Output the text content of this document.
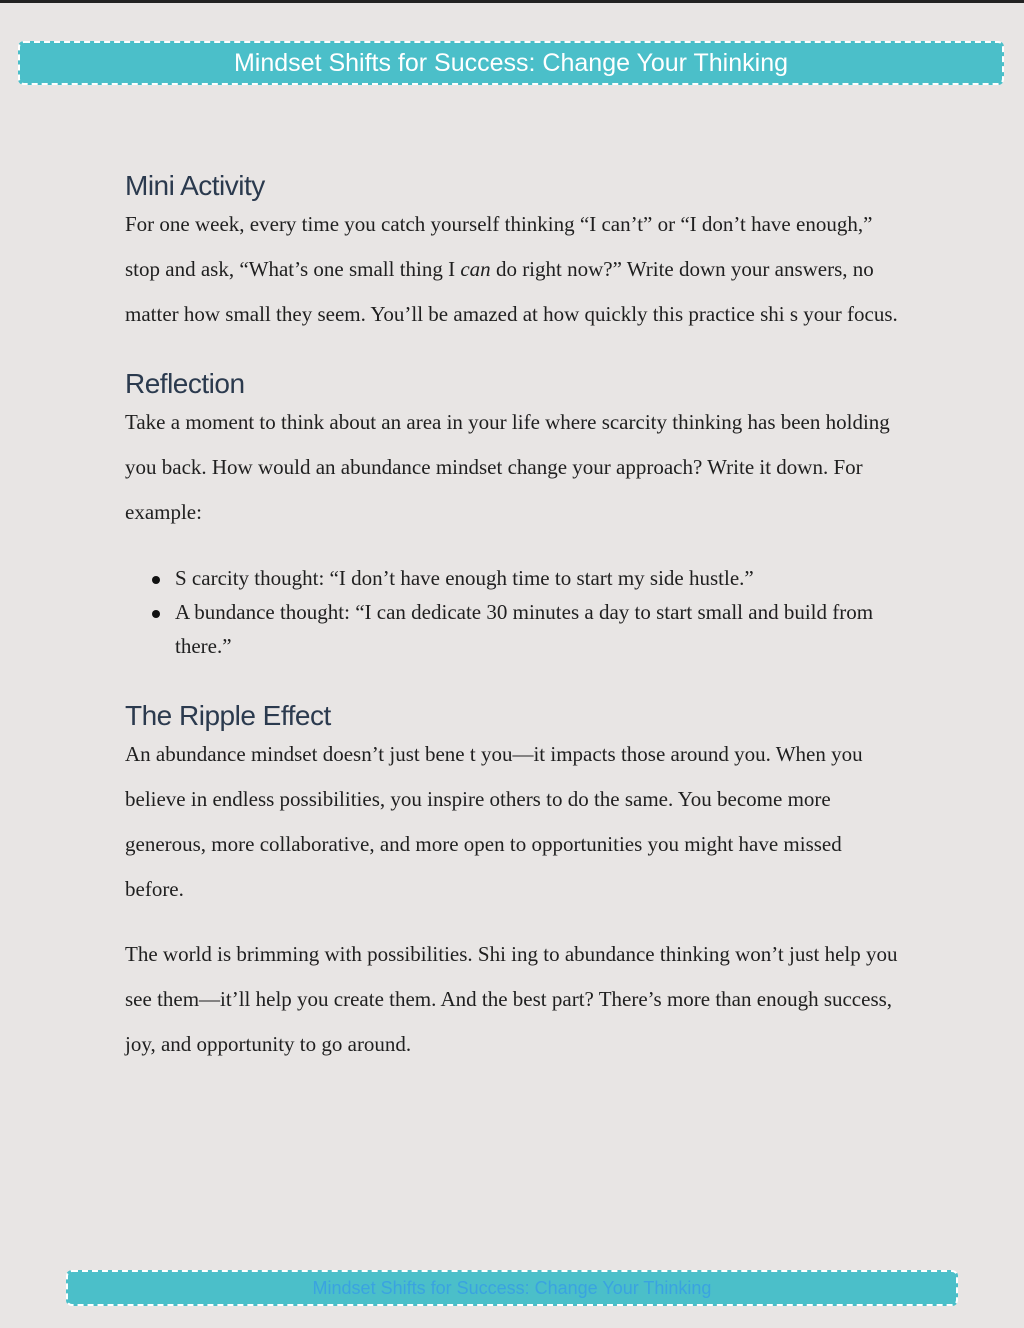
Mindset Shifts for Success: Change Your Thinking
Mini Activity

For one week, every time you catch yourself thinking “I can’t” or “I don’t have enough,” stop and ask, “What’s one small thing I can do right now?” Write down your answers, no matter how small they seem. You’ll be amazed at how quickly this practice shi s your focus.

Reflection

Take a moment to think about an area in your life where scarcity thinking has been holding you back. How would an abundance mindset change your approach? Write it down. For example:

S carcity thought: “I don’t have enough time to start my side hustle.”
A bundance thought: “I can dedicate 30 minutes a day to start small and build from there.”
The Ripple Effect

An abundance mindset doesn’t just bene t you—it impacts those around you. When you believe in endless possibilities, you inspire others to do the same. You become more generous, more collaborative, and more open to opportunities you might have missed before.

The world is brimming with possibilities. Shi ing to abundance thinking won’t just help you see them—it’ll help you create them. And the best part? There’s more than enough success, joy, and opportunity to go around.

Mindset Shifts for Success: Change Your Thinking
